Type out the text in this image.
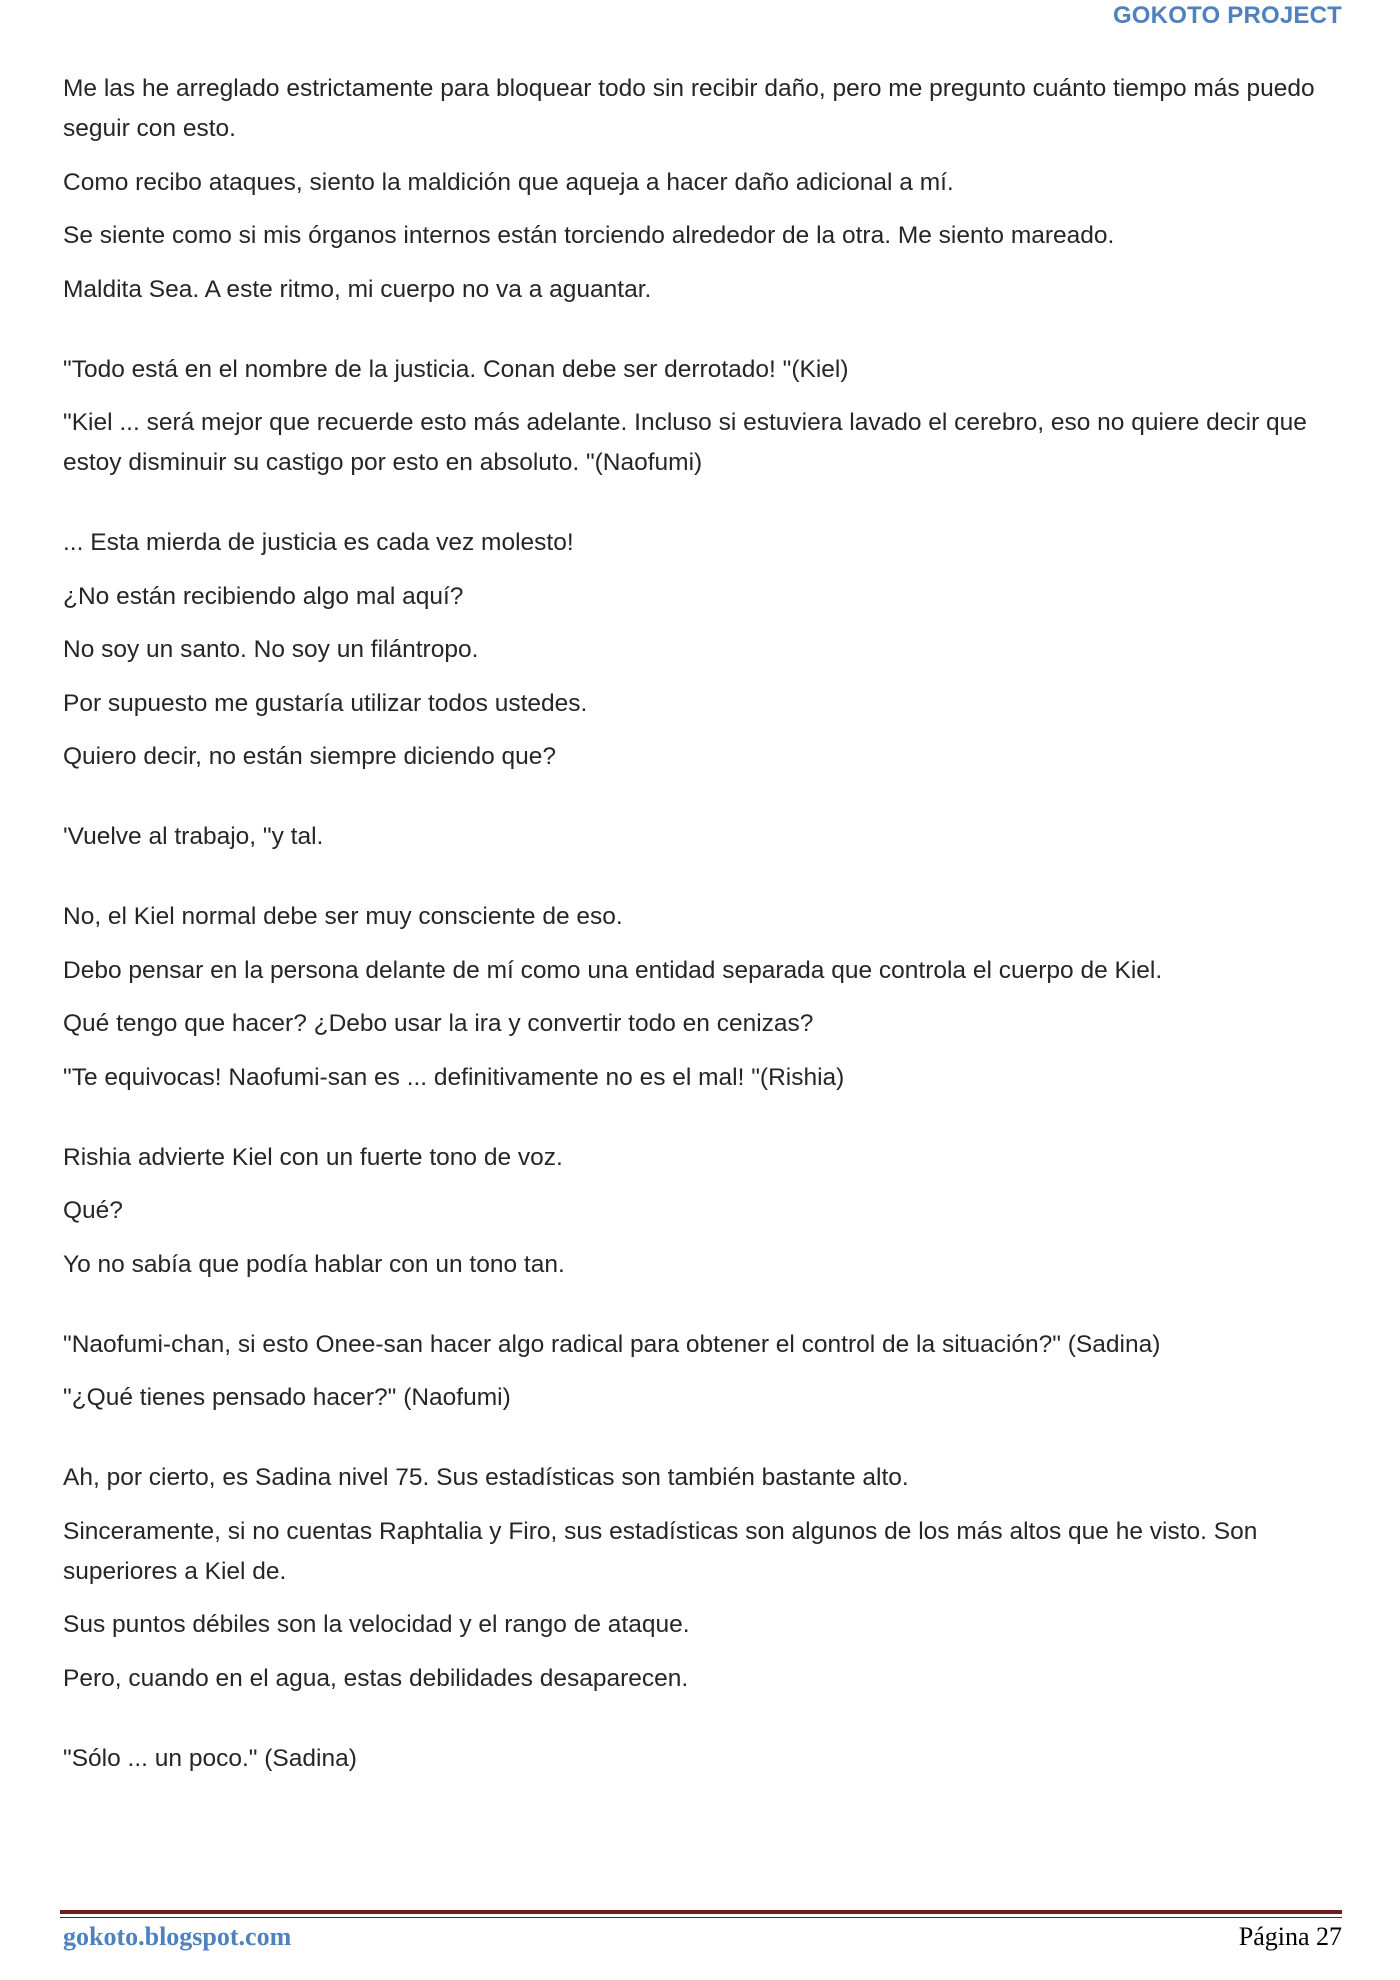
GOKOTO PROJECT

Me las he arreglado estrictamente para bloquear todo sin recibir daño, pero me pregunto cuánto tiempo más puedo seguir con esto.

Como recibo ataques, siento la maldición que aqueja a hacer daño adicional a mí.

Se siente como si mis órganos internos están torciendo alrededor de la otra. Me siento mareado.

Maldita Sea. A este ritmo, mi cuerpo no va a aguantar.

"Todo está en el nombre de la justicia. Conan debe ser derrotado! "(Kiel)

"Kiel ... será mejor que recuerde esto más adelante. Incluso si estuviera lavado el cerebro, eso no quiere decir que estoy disminuir su castigo por esto en absoluto. "(Naofumi)

... Esta mierda de justicia es cada vez molesto!

¿No están recibiendo algo mal aquí?

No soy un santo. No soy un filántropo.

Por supuesto me gustaría utilizar todos ustedes.

Quiero decir, no están siempre diciendo que?

'Vuelve al trabajo, "y tal.

No, el Kiel normal debe ser muy consciente de eso.

Debo pensar en la persona delante de mí como una entidad separada que controla el cuerpo de Kiel.

Qué tengo que hacer? ¿Debo usar la ira y convertir todo en cenizas?

"Te equivocas! Naofumi-san es ... definitivamente no es el mal! "(Rishia)

Rishia advierte Kiel con un fuerte tono de voz.

Qué?

Yo no sabía que podía hablar con un tono tan.

"Naofumi-chan, si esto Onee-san hacer algo radical para obtener el control de la situación?" (Sadina)

"¿Qué tienes pensado hacer?" (Naofumi)

Ah, por cierto, es Sadina nivel 75. Sus estadísticas son también bastante alto.

Sinceramente, si no cuentas Raphtalia y Firo, sus estadísticas son algunos de los más altos que he visto. Son superiores a Kiel de.

Sus puntos débiles son la velocidad y el rango de ataque.

Pero, cuando en el agua, estas debilidades desaparecen.

"Sólo ... un poco." (Sadina)

gokoto.blogspot.com	Página 27
